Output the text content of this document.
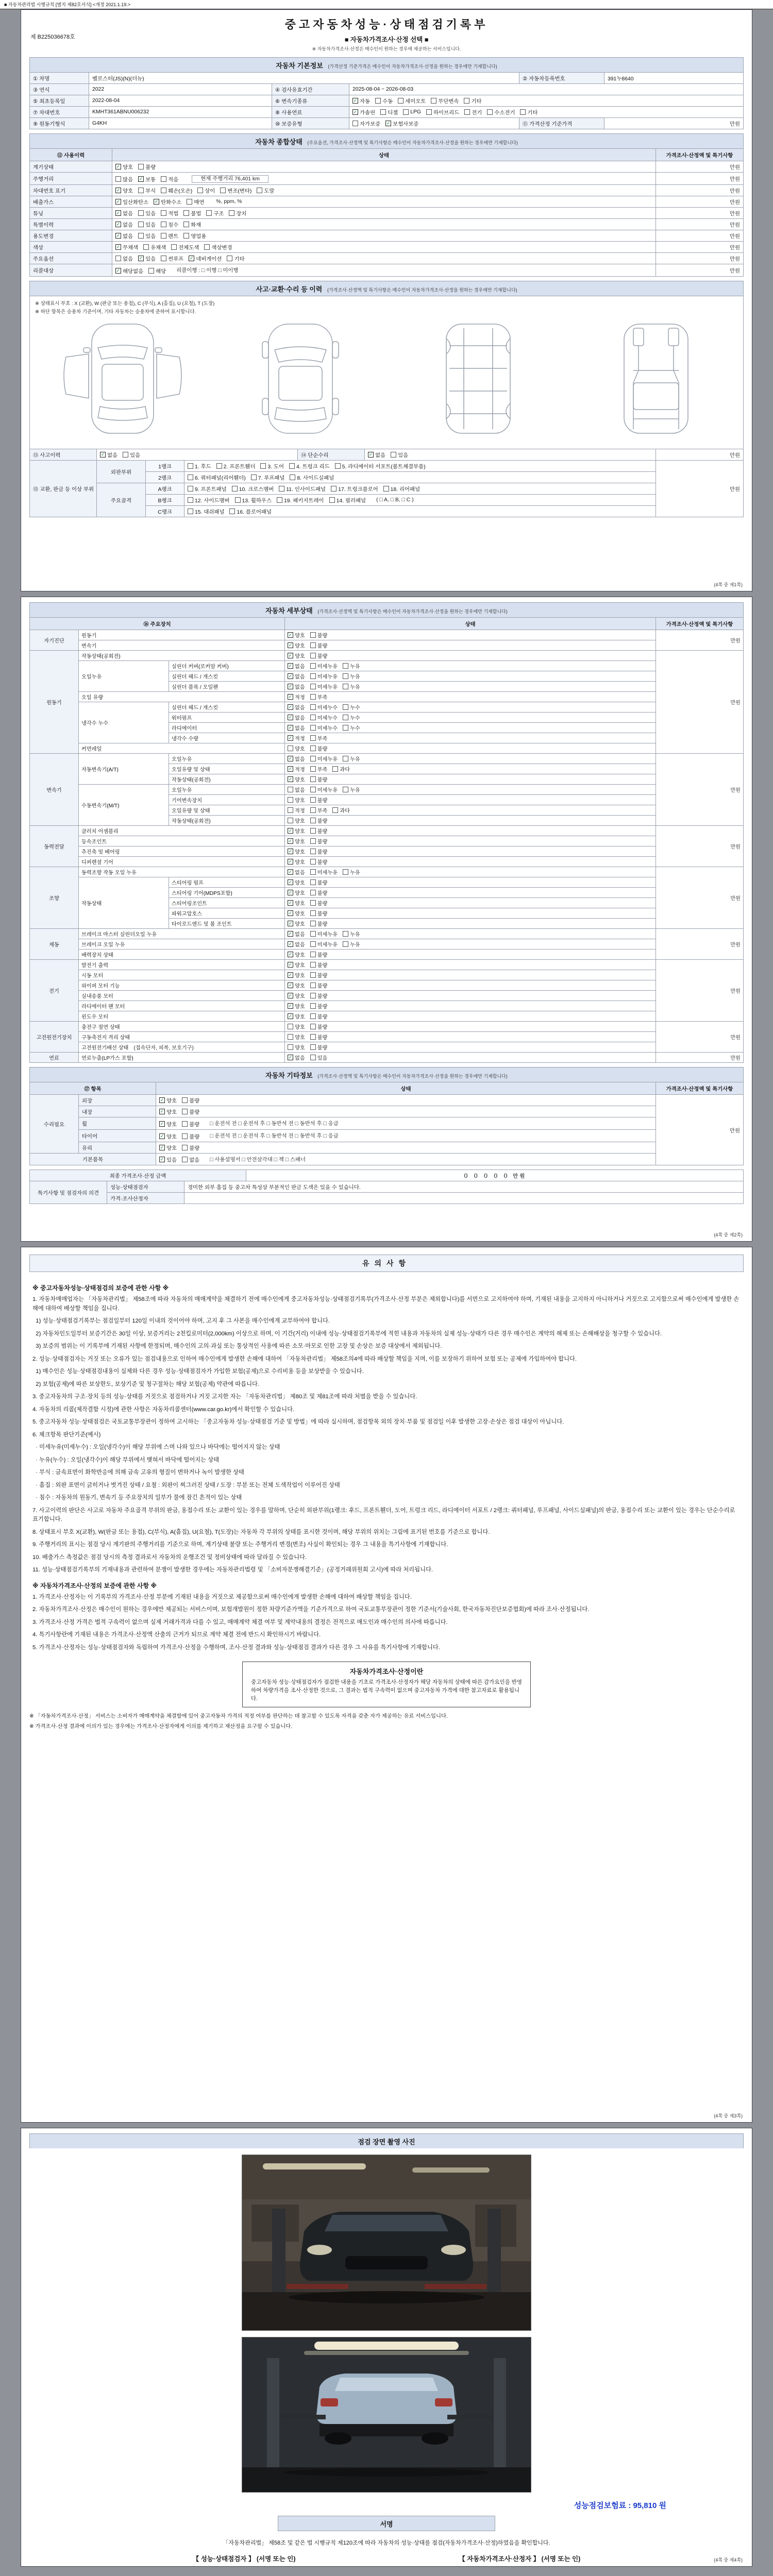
■ 자동차관리법 시행규칙 [별지 제82호서식] <개정 2021.1.19.>
제 B225036678호
중고자동차성능·상태점검기록부
■ 자동차가격조사·산정 선택 ■
※ 자동차가격조사·산정은 매수인이 원하는 경우에 제공하는 서비스입니다.
자동차 기본정보 (가격산정 기준가격은 매수인이 자동차가격조사·산정을 원하는 경우에만 기재합니다)
① 차명	벨로스터(JS)(N)(더뉴)			② 자동차등록번호	391누8640
③ 연식	2022	④ 검사유효기간	2025-08-04 ~ 2026-08-03		
⑤ 최초등록일	2022-08-04	⑥ 변속기종류	✓ 자동 수동 세미오토 무단변속 기타

⑦ 차대번호	KMHT361ABNU006232	⑧ 사용연료	✓ 가솔린 디젤 LPG 하이브리드 전기 수소전기 기타

⑨ 원동기형식	G4KH	⑩ 보증유형	자가보증 ✓ 보험사보증	⑪ 가격산정 기준가격	만원
자동차 종합상태 (주요옵션, 가격조사·산정액 및 특기사항은 매수인이 자동차가격조사·산정을 원하는 경우에만 기재합니다)
⑫ 사용이력	상태	가격조사·산정액 및 특기사항
계기상태	✓ 양호 불량	만원
주행거리	많음 ✓ 보통 적음 현재 주행거리 76,401 km	만원
차대번호 표기	✓ 양호 부식 훼손(오손) 상이 변조(변타) 도말	만원
배출가스	✓ 일산화탄소 ✓ 탄화수소 매연 %, ppm, %	만원
튜닝	✓ 없음 있음 적법 불법 구조 장치	만원
특별이력	✓ 없음 있음 침수 화재	만원
용도변경	✓ 없음 있음 렌트 영업용	만원
색상	✓ 무채색 유채색 전체도색 색상변경	만원
주요옵션	없음 ✓ 있음 썬루프 ✓ 네비게이션 기타	만원
리콜대상	✓ 해당없음 해당 리콜이행 : □ 이행 □ 미이행	만원
사고·교환·수리 등 이력 (가격조사·산정액 및 특기사항은 매수인이 자동차가격조사·산정을 원하는 경우에만 기재합니다)
※ 상태표시 부호 : X (교환), W (판금 또는 용접), C (부식), A (흠집), U (요철), T (도장)
※ 하단 항목은 승용차 기준이며, 기타 자동차는 승용차에 준하여 표시합니다.
⑬ 사고이력	✓ 없음 있음	⑭ 단순수리	✓ 없음 있음	만원
⑮ 교환, 판금 등 이상 부위	외판부위	1랭크	1. 후드 2. 프론트휀더 3. 도어 4. 트렁크 리드 5. 라디에이터 서포트(볼트체결부품)	만원
		2랭크	6. 쿼터패널(리어휀더) 7. 루프패널 8. 사이드실패널	

	주요골격	A랭크	9. 프론트패널 10. 크로스멤버 11. 인사이드패널 17. 트렁크플로어 18. 리어패널	

		B랭크	12. 사이드멤버 13. 휠하우스 19. 패키지트레이 14. 필러패널 ( □ A, □ B, □ C )	
		C랭크	15. 대쉬패널 16. 플로어패널	
(4쪽 중 제1쪽)
자동차 세부상태 (가격조사·산정액 및 특기사항은 매수인이 자동차가격조사·산정을 원하는 경우에만 기재합니다)
⑯ 주요장치			상태	가격조사·산정액 및 특기사항
자기진단	원동기		✓ 양호 불량	만원
	변속기		✓ 양호 불량	

원동기	작동상태(공회전)		✓ 양호 불량	만원
	오일누유	실린더 커버(로커암 커버)	✓ 없음 미세누유 누유	

		실린더 헤드 / 개스킷	✓ 없음 미세누유 누유	

		실린더 블록 / 오일팬	✓ 없음 미세누유 누유	

	오일 유량		✓ 적정 부족	

	냉각수 누수	실린더 헤드 / 개스킷	✓ 없음 미세누수 누수	

		워터펌프	✓ 없음 미세누수 누수	

		라디에이터	✓ 없음 미세누수 누수	

		냉각수 수량	✓ 적정 부족	

	커먼레일		양호 불량	

변속기	자동변속기(A/T)	오일누유	✓ 없음 미세누유 누유	만원
		오일유량 및 상태	✓ 적정 부족 과다	

		작동상태(공회전)	✓ 양호 불량	

	수동변속기(M/T)	오일누유	없음 미세누유 누유	

		기어변속장치	양호 불량	

		오일유량 및 상태	적정 부족 과다	

		작동상태(공회전)	양호 불량	

동력전달	클러치 어셈블리		✓ 양호 불량	만원
	등속조인트		✓ 양호 불량	

	추진축 및 베어링		✓ 양호 불량	

	디퍼렌셜 기어		✓ 양호 불량	

조향	동력조향 작동 오일 누유		✓ 없음 미세누유 누유	만원
	작동상태	스티어링 펌프	✓ 양호 불량	

		스티어링 기어(MDPS포함)	✓ 양호 불량	

		스티어링조인트	✓ 양호 불량	

		파워고압호스	✓ 양호 불량	

		타이로드엔드 및 볼 조인트	✓ 양호 불량	

제동	브레이크 마스터 실린더오일 누유		✓ 없음 미세누유 누유	만원
	브레이크 오일 누유		✓ 없음 미세누유 누유	

	배력장치 상태		✓ 양호 불량	

전기	발전기 출력		✓ 양호 불량	만원
	시동 모터		✓ 양호 불량	

	와이퍼 모터 기능		✓ 양호 불량	

	실내송풍 모터		✓ 양호 불량	

	라디에이터 팬 모터		✓ 양호 불량	

	윈도우 모터		✓ 양호 불량	

고전원전기장치	충전구 절연 상태		양호 불량	만원
	구동축전지 격리 상태		양호 불량	

	고전원전기배선 상태 (접속단자, 피복, 보호기구)		양호 불량	

연료	연료누출(LP가스 포함)		✓ 없음 있음	만원
자동차 기타정보 (가격조사·산정액 및 특기사항은 매수인이 자동차가격조사·산정을 원하는 경우에만 기재합니다)
⑰ 항목		상태	가격조사·산정액 및 특기사항
수리필요	외장	✓ 양호 불량	만원
	내장	✓ 양호 불량	

	휠	✓ 양호 불량 □ 운전석 전 □ 운전석 후 □ 동반석 전 □ 동반석 후 □ 응급	
	타이어	✓ 양호 불량 □ 운전석 전 □ 운전석 후 □ 동반석 전 □ 동반석 후 □ 응급	
	유리	✓ 양호 불량	

기본품목		✓ 있음 없음 □ 사용설명서 □ 안전삼각대 □ 잭 □ 스패너	
최종 가격조사·산정 금액	０ ０ ０ ０ ０ 만원
특기사항 및 점검자의 의견	성능·상태점검자	경미한 외부 흠집 등 중고차 특성상 부분적인 판금 도색은 있을 수 있습니다.
	가격·조사산정자	
(4쪽 중 제2쪽)
유의사항
※ 중고자동차성능·상태점검의 보증에 관한 사항 ※
1. 자동차매매업자는 「자동차관리법」 제58조에 따라 자동차의 매매계약을 체결하기 전에 매수인에게 중고자동차성능·상태점검기록부(가격조사·산정 부분은 제외합니다)를 서면으로 고지하여야 하며, 기재된 내용을 고지하지 아니하거나 거짓으로 고지함으로써 매수인에게 발생한 손해에 대하여 배상할 책임을 집니다.
1) 성능·상태점검기록부는 점검일부터 120일 이내의 것이어야 하며, 고지 후 그 사본을 매수인에게 교부하여야 합니다.
2) 자동차인도일부터 보증기간은 30일 이상, 보증거리는 2천킬로미터(2,000km) 이상으로 하며, 이 기간(거리) 이내에 성능·상태점검기록부에 적힌 내용과 자동차의 실제 성능·상태가 다른 경우 매수인은 계약의 해제 또는 손해배상을 청구할 수 있습니다.
3) 보증의 범위는 이 기록부에 기재된 사항에 한정되며, 매수인의 고의·과실 또는 통상적인 사용에 따른 소모·마모로 인한 고장 및 손상은 보증 대상에서 제외됩니다.
2. 성능·상태점검자는 거짓 또는 오류가 있는 점검내용으로 인하여 매수인에게 발생한 손해에 대하여 「자동차관리법」 제58조의4에 따라 배상할 책임을 지며, 이를 보장하기 위하여 보험 또는 공제에 가입하여야 합니다.
1) 매수인은 성능·상태점검내용이 실제와 다른 경우 성능·상태점검자가 가입한 보험(공제)으로 수리비용 등을 보상받을 수 있습니다.
2) 보험(공제)에 따른 보상한도, 보상기준 및 청구절차는 해당 보험(공제) 약관에 따릅니다.
3. 중고자동차의 구조·장치 등의 성능·상태를 거짓으로 점검하거나 거짓 고지한 자는 「자동차관리법」 제80조 및 제81조에 따라 처벌을 받을 수 있습니다.
4. 자동차의 리콜(제작결함 시정)에 관한 사항은 자동차리콜센터(www.car.go.kr)에서 확인할 수 있습니다.
5. 중고자동차 성능·상태점검은 국토교통부장관이 정하여 고시하는 「중고자동차 성능·상태점검 기준 및 방법」에 따라 실시하며, 점검항목 외의 장치·부품 및 점검일 이후 발생한 고장·손상은 점검 대상이 아닙니다.
6. 체크항목 판단기준(예시)
· 미세누유(미세누수) : 오일(냉각수)이 해당 부위에 스며 나와 있으나 바닥에는 떨어지지 않는 상태
· 누유(누수) : 오일(냉각수)이 해당 부위에서 맺혀서 바닥에 떨어지는 상태
· 부식 : 금속표면이 화학반응에 의해 금속 고유의 형질이 변하거나 녹이 발생한 상태
· 흠집 : 외판 표면이 긁히거나 벗겨진 상태 / 요철 : 외판이 찌그러진 상태 / 도장 : 부분 또는 전체 도색작업이 이루어진 상태
· 침수 : 자동차의 원동기, 변속기 등 주요장치의 일부가 물에 잠긴 흔적이 있는 상태
7. 사고이력의 판단은 사고로 자동차 주요골격 부위의 판금, 용접수리 또는 교환이 있는 경우를 말하며, 단순히 외판부위(1랭크: 후드, 프론트휀더, 도어, 트렁크 리드, 라디에이터 서포트 / 2랭크: 쿼터패널, 루프패널, 사이드실패널)의 판금, 용접수리 또는 교환이 있는 경우는 단순수리로 표기합니다.
8. 상태표시 부호 X(교환), W(판금 또는 용접), C(부식), A(흠집), U(요철), T(도장)는 자동차 각 부위의 상태를 표시한 것이며, 해당 부위의 위치는 그림에 표기된 번호를 기준으로 합니다.
9. 주행거리의 표시는 점검 당시 계기판의 주행거리를 기준으로 하며, 계기상태 불량 또는 주행거리 변경(변조) 사실이 확인되는 경우 그 내용을 특기사항에 기재합니다.
10. 배출가스 측정값은 점검 당시의 측정 결과로서 자동차의 운행조건 및 정비상태에 따라 달라질 수 있습니다.
11. 성능·상태점검기록부의 기재내용과 관련하여 분쟁이 발생한 경우에는 자동차관리법령 및 「소비자분쟁해결기준」(공정거래위원회 고시)에 따라 처리됩니다.
※ 자동차가격조사·산정의 보증에 관한 사항 ※
1. 가격조사·산정자는 이 기록부의 가격조사·산정 부분에 기재된 내용을 거짓으로 제공함으로써 매수인에게 발생한 손해에 대하여 배상할 책임을 집니다.
2. 자동차가격조사·산정은 매수인이 원하는 경우에만 제공되는 서비스이며, 보험개발원이 정한 차량기준가액을 기준가격으로 하여 국토교통부장관이 정한 기준서(기술사회, 한국자동차진단보증협회)에 따라 조사·산정됩니다.
3. 가격조사·산정 가격은 법적 구속력이 없으며 실제 거래가격과 다를 수 있고, 매매계약 체결 여부 및 계약내용의 결정은 전적으로 매도인과 매수인의 의사에 따릅니다.
4. 특기사항란에 기재된 내용은 가격조사·산정액 산출의 근거가 되므로 계약 체결 전에 반드시 확인하시기 바랍니다.
5. 가격조사·산정자는 성능·상태점검자와 독립하여 가격조사·산정을 수행하며, 조사·산정 결과와 성능·상태점검 결과가 다른 경우 그 사유를 특기사항에 기재합니다.
자동차가격조사·산정이란
중고자동차 성능·상태점검자가 점검한 내용을 기초로 가격조사·산정자가 해당 자동차의 상태에 따른 감가요인을 반영하여 차량가격을 조사·산정한 것으로, 그 결과는 법적 구속력이 없으며 중고자동차 가격에 대한 참고자료로 활용됩니다.
※ 「자동차가격조사·산정」 서비스는 소비자가 매매계약을 체결함에 있어 중고자동차 가격의 적정 여부를 판단하는 데 참고할 수 있도록 자격을 갖춘 자가 제공하는 유료 서비스입니다.
※ 가격조사·산정 결과에 이의가 있는 경우에는 가격조사·산정자에게 이의를 제기하고 재산정을 요구할 수 있습니다.
(4쪽 중 제3쪽)
점검 장면 촬영 사진
성능점검보험료 : 95,810 원
서명
「자동차관리법」 제58조 및 같은 법 시행규칙 제120조에 따라 자동차의 성능·상태를 점검(자동차가격조사·산정)하였음을 확인합니다.
【 성능·상태점검자 】 (서명 또는 인)	【 자동차가격조사·산정자 】 (서명 또는 인)	(4쪽 중 제4쪽)
